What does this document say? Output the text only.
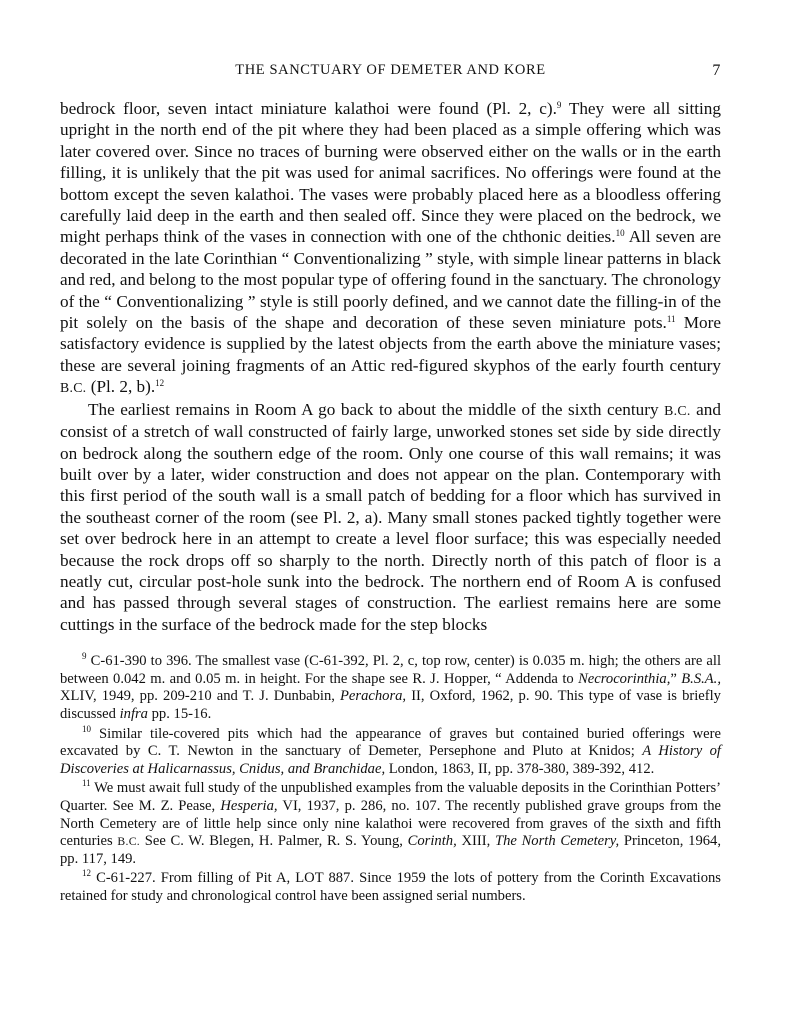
THE SANCTUARY OF DEMETER AND KORE	7

bedrock floor, seven intact miniature kalathoi were found (Pl. 2, c).$^9$ They were all sitting upright in the north end of the pit where they had been placed as a simple offering which was later covered over. Since no traces of burning were observed either on the walls or in the earth filling, it is unlikely that the pit was used for animal sacrifices. No offerings were found at the bottom except the seven kalathoi. The vases were probably placed here as a bloodless offering carefully laid deep in the earth and then sealed off. Since they were placed on the bedrock, we might perhaps think of the vases in connection with one of the chthonic deities.$^{10}$ All seven are decorated in the late Corinthian “ Conventionalizing ” style, with simple linear patterns in black and red, and belong to the most popular type of offering found in the sanctuary. The chronology of the “ Conventionalizing ” style is still poorly defined, and we cannot date the filling-in of the pit solely on the basis of the shape and decoration of these seven miniature pots.$^{11}$ More satisfactory evidence is supplied by the latest objects from the earth above the miniature vases; these are several joining fragments of an Attic red-figured skyphos of the early fourth century B.C. (Pl. 2, b).$^{12}$

The earliest remains in Room A go back to about the middle of the sixth century B.C. and consist of a stretch of wall constructed of fairly large, unworked stones set side by side directly on bedrock along the southern edge of the room. Only one course of this wall remains; it was built over by a later, wider construction and does not appear on the plan. Contemporary with this first period of the south wall is a small patch of bedding for a floor which has survived in the southeast corner of the room (see Pl. 2, a). Many small stones packed tightly together were set over bedrock here in an attempt to create a level floor surface; this was especially needed because the rock drops off so sharply to the north. Directly north of this patch of floor is a neatly cut, circular post-hole sunk into the bedrock. The northern end of Room A is confused and has passed through several stages of construction. The earliest remains here are some cuttings in the surface of the bedrock made for the step blocks

$^9$ C-61-390 to 396. The smallest vase (C-61-392, Pl. 2, c, top row, center) is 0.035 m. high; the others are all between 0.042 m. and 0.05 m. in height. For the shape see R. J. Hopper, “ Addenda to Necrocorinthia,” B.S.A., XLIV, 1949, pp. 209-210 and T. J. Dunbabin, Perachora, II, Oxford, 1962, p. 90. This type of vase is briefly discussed infra pp. 15-16.

$^{10}$ Similar tile-covered pits which had the appearance of graves but contained buried offerings were excavated by C. T. Newton in the sanctuary of Demeter, Persephone and Pluto at Knidos; A History of Discoveries at Halicarnassus, Cnidus, and Branchidae, London, 1863, II, pp. 378-380, 389-392, 412.

$^{11}$ We must await full study of the unpublished examples from the valuable deposits in the Corinthian Potters’ Quarter. See M. Z. Pease, Hesperia, VI, 1937, p. 286, no. 107. The recently published grave groups from the North Cemetery are of little help since only nine kalathoi were recovered from graves of the sixth and fifth centuries B.C. See C. W. Blegen, H. Palmer, R. S. Young, Corinth, XIII, The North Cemetery, Princeton, 1964, pp. 117, 149.

$^{12}$ C-61-227. From filling of Pit A, LOT 887. Since 1959 the lots of pottery from the Corinth Excavations retained for study and chronological control have been assigned serial numbers.
